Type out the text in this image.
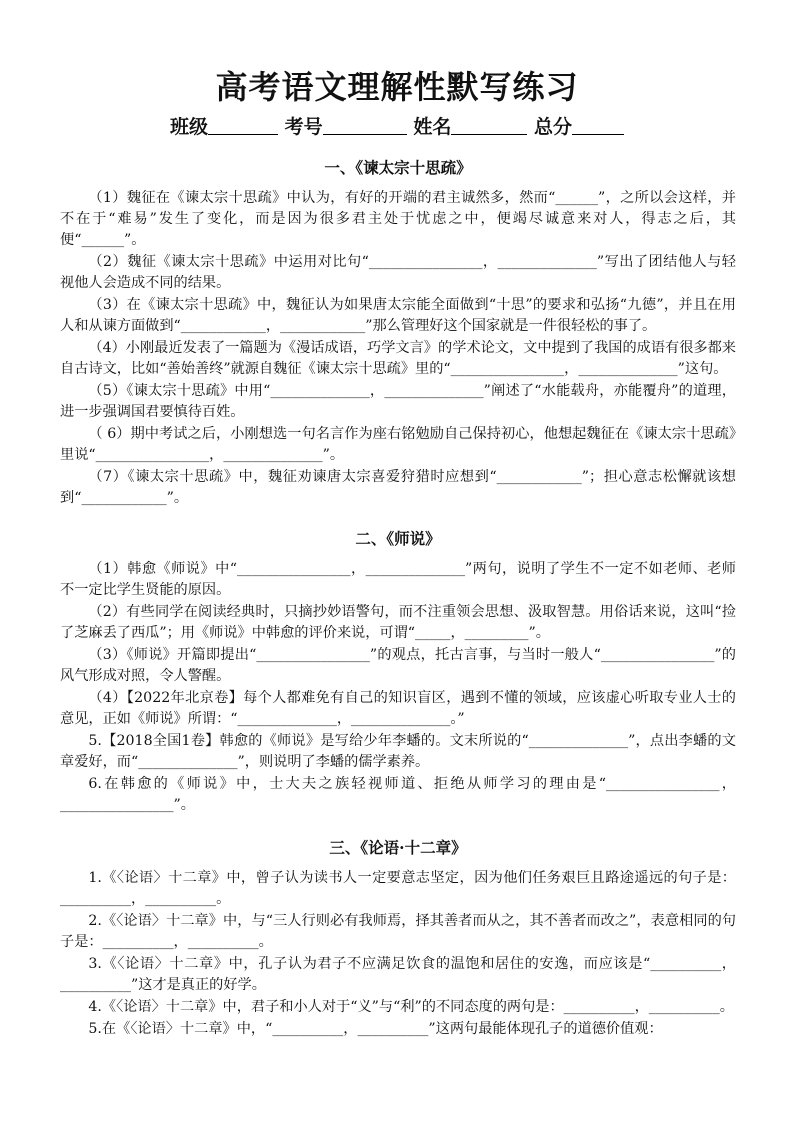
高考语文理解性默写练习
班级	考号	姓名	总分
一、《谏太宗十思疏》

（1）魏征在《谏太宗十思疏》中认为，有好的开端的君主诚然多，然而“______”，之所以会这样，并不在于“难易”发生了变化，而是因为很多君主处于忧虑之中，便竭尽诚意来对人，得志之后，其便“______”。

（2）魏征《谏太宗十思疏》中运用对比句“________________，______________”写出了团结他人与轻视他人会造成不同的结果。

（3）在《谏太宗十思疏》中，魏征认为如果唐太宗能全面做到“十思”的要求和弘扬“九德”，并且在用人和从谏方面做到“____________，____________”那么管理好这个国家就是一件很轻松的事了。

（4）小刚最近发表了一篇题为《漫话成语，巧学文言》的学术论文，文中提到了我国的成语有很多都来自古诗文，比如“善始善终”就源自魏征《谏太宗十思疏》里的“________________，______________”这句。

（5）《谏太宗十思疏》中用“______________，______________”阐述了“水能载舟，亦能覆舟”的道理，进一步强调国君要慎待百姓。

（ 6）期中考试之后，小刚想选一句名言作为座右铭勉励自己保持初心，他想起魏征在《谏太宗十思疏》里说“________________，______________”。

（7）《谏太宗十思疏》中，魏征劝谏唐太宗喜爱狩猎时应想到“____________”；担心意志松懈就该想到“____________”。

二、《师说》

（1）韩愈《师说》中“________________，______________”两句，说明了学生不一定不如老师、老师不一定比学生贤能的原因。

（2）有些同学在阅读经典时，只摘抄妙语警句，而不注重领会思想、汲取智慧。用俗话来说，这叫“捡了芝麻丢了西瓜”；用《师说》中韩愈的评价来说，可谓“_____，_________”。

（3）《师说》开篇即提出“________________”的观点，托古言事，与当时一般人“________________”的风气形成对照，令人警醒。

（4）【2022年北京卷】每个人都难免有自己的知识盲区，遇到不懂的领域，应该虚心听取专业人士的意见，正如《师说》所谓：“______________，______________。”

5.【2018全国1卷】韩愈的《师说》是写给少年李蟠的。文末所说的“______________”，点出李蟠的文章爱好，而“______________”，则说明了李蟠的儒学素养。

6.在韩愈的《师说》中，士大夫之族轻视师道、拒绝从师学习的理由是“________________，________________”。

三、《论语·十二章》

1.《〈论语〉十二章》中，曾子认为读书人一定要意志坚定，因为他们任务艰巨且路途遥远的句子是：__________，__________。

2.《〈论语〉十二章》中，与“三人行则必有我师焉，择其善者而从之，其不善者而改之”，表意相同的句子是：__________，__________。

3.《〈论语〉十二章》中，孔子认为君子不应满足饮食的温饱和居住的安逸，而应该是“__________，__________”这才是真正的好学。

4.《〈论语〉十二章》中，君子和小人对于“义”与“利”的不同态度的两句是：__________，__________。

5.在《〈论语〉十二章》中，“__________，__________”这两句最能体现孔子的道德价值观：
